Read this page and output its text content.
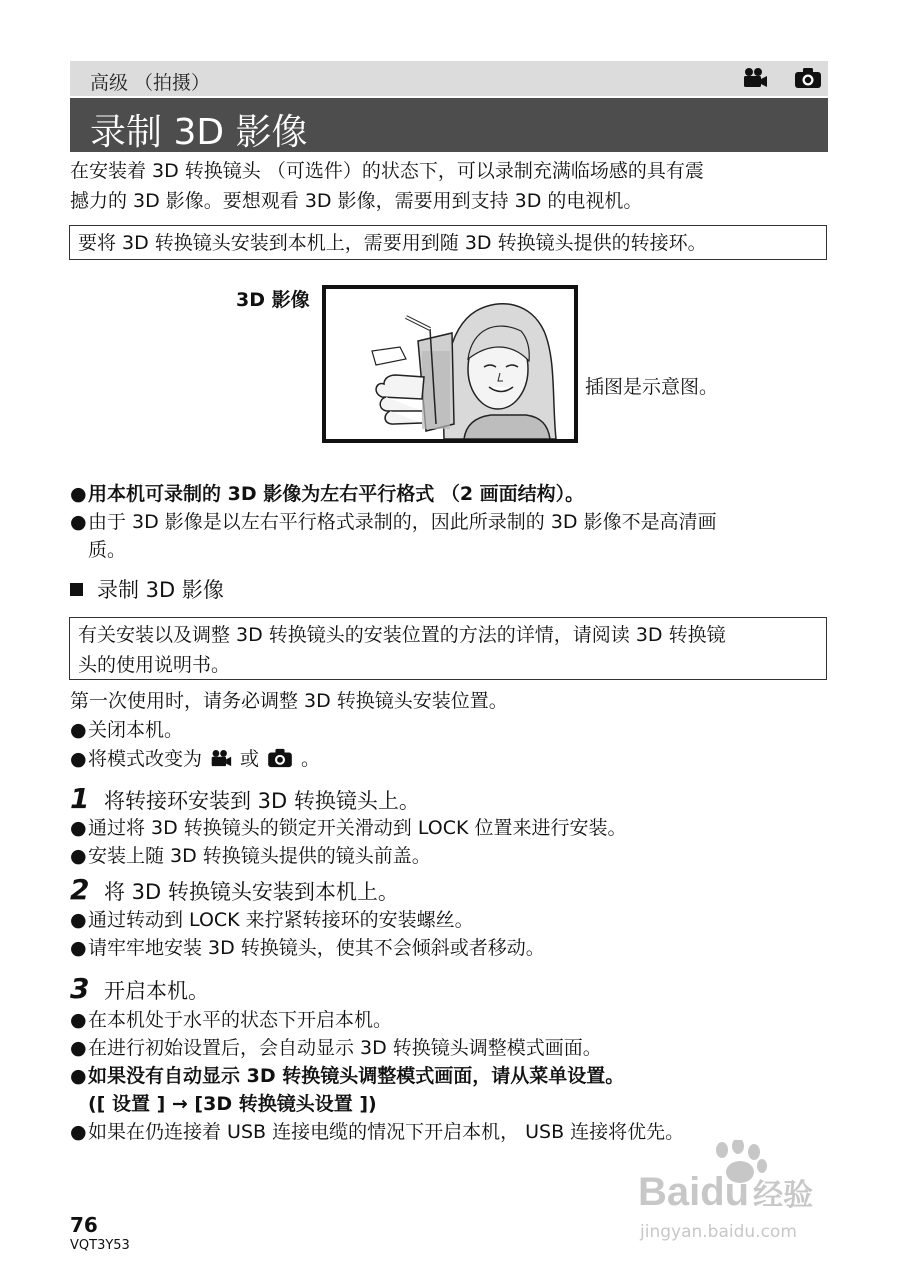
高级 （拍摄）
录制 3D 影像
在安装着 3D 转换镜头 （可选件）的状态下，可以录制充满临场感的具有震
撼力的 3D 影像。要想观看 3D 影像，需要用到支持 3D 的电视机。
要将 3D 转换镜头安装到本机上，需要用到随 3D 转换镜头提供的转接环。
3D 影像
插图是示意图。
●用本机可录制的 3D 影像为左右平行格式 （2 画面结构）。
●由于 3D 影像是以左右平行格式录制的，因此所录制的 3D 影像不是高清画
质。
录制 3D 影像
有关安装以及调整 3D 转换镜头的安装位置的方法的详情，请阅读 3D 转换镜
头的使用说明书。
第一次使用时，请务必调整 3D 转换镜头安装位置。
●关闭本机。
●将模式改变为 或 。
1 将转接环安装到 3D 转换镜头上。
●通过将 3D 转换镜头的锁定开关滑动到 LOCK 位置来进行安装。
●安装上随 3D 转换镜头提供的镜头前盖。
2 将 3D 转换镜头安装到本机上。
●通过转动到 LOCK 来拧紧转接环的安装螺丝。
●请牢牢地安装 3D 转换镜头，使其不会倾斜或者移动。
3 开启本机。
●在本机处于水平的状态下开启本机。
●在进行初始设置后，会自动显示 3D 转换镜头调整模式画面。
●如果没有自动显示 3D 转换镜头调整模式画面，请从菜单设置。
([ 设置 ] → [3D 转换镜头设置 ])
●如果在仍连接着 USB 连接电缆的情况下开启本机， USB 连接将优先。
76
VQT3Y53
Baidu 经验
jingyan.baidu.com
